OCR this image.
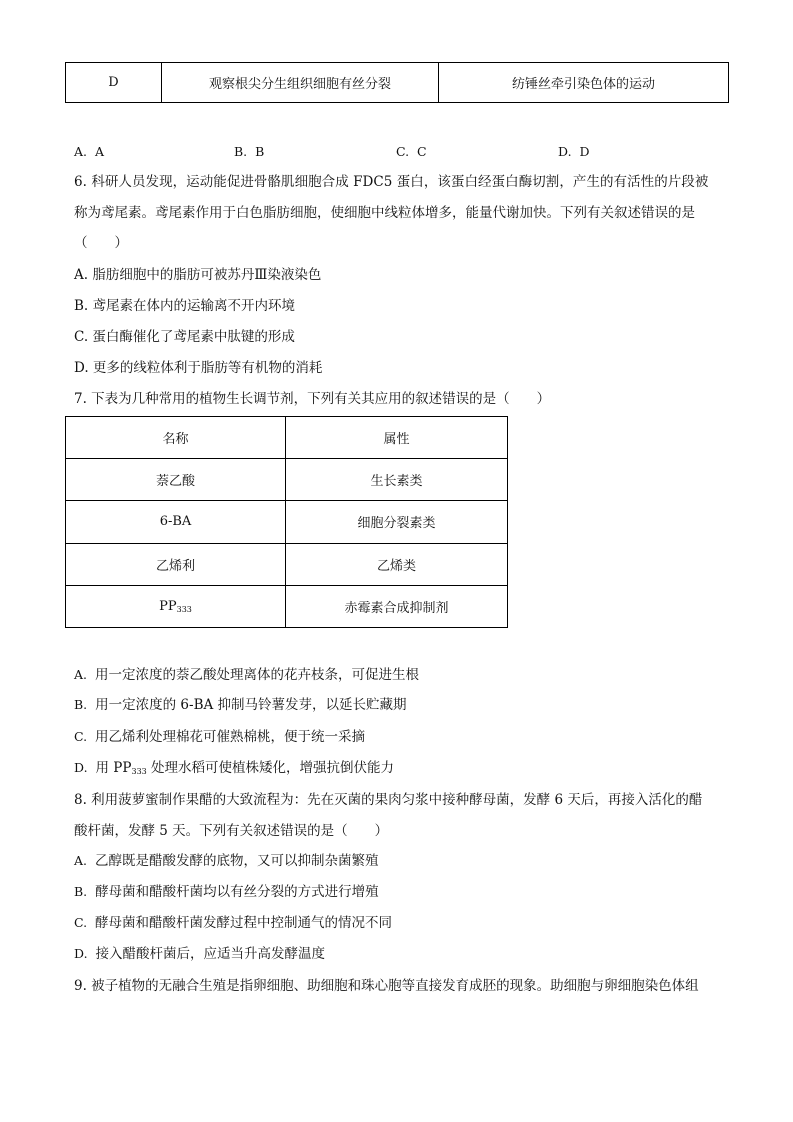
D	观察根尖分生组织细胞有丝分裂	纺锤丝牵引染色体的运动
A. A	B. B	C. C	D. D
6. 科研人员发现，运动能促进骨骼肌细胞合成 FDC5 蛋白，该蛋白经蛋白酶切割，产生的有活性的片段被
称为鸢尾素。鸢尾素作用于白色脂肪细胞，使细胞中线粒体增多，能量代谢加快。下列有关叙述错误的是
（　　）
A. 脂肪细胞中的脂肪可被苏丹Ⅲ染液染色
B. 鸢尾素在体内的运输离不开内环境
C. 蛋白酶催化了鸢尾素中肽键的形成
D. 更多的线粒体利于脂肪等有机物的消耗
7. 下表为几种常用的植物生长调节剂，下列有关其应用的叙述错误的是（　　）
名称	属性
萘乙酸	生长素类
6-BA	细胞分裂素类
乙烯利	乙烯类
$PP_{333}$	赤霉素合成抑制剂
A. 用一定浓度的萘乙酸处理离体的花卉枝条，可促进生根
B. 用一定浓度的 6-BA 抑制马铃薯发芽，以延长贮藏期
C. 用乙烯利处理棉花可催熟棉桃，便于统一采摘
D. 用 $PP_{333}$ 处理水稻可使植株矮化，增强抗倒伏能力
8. 利用菠萝蜜制作果醋的大致流程为：先在灭菌的果肉匀浆中接种酵母菌，发酵 6 天后，再接入活化的醋
酸杆菌，发酵 5 天。下列有关叙述错误的是（　　）
A. 乙醇既是醋酸发酵的底物，又可以抑制杂菌繁殖
B. 酵母菌和醋酸杆菌均以有丝分裂的方式进行增殖
C. 酵母菌和醋酸杆菌发酵过程中控制通气的情况不同
D. 接入醋酸杆菌后，应适当升高发酵温度
9. 被子植物的无融合生殖是指卵细胞、助细胞和珠心胞等直接发育成胚的现象。助细胞与卵细胞染色体组
